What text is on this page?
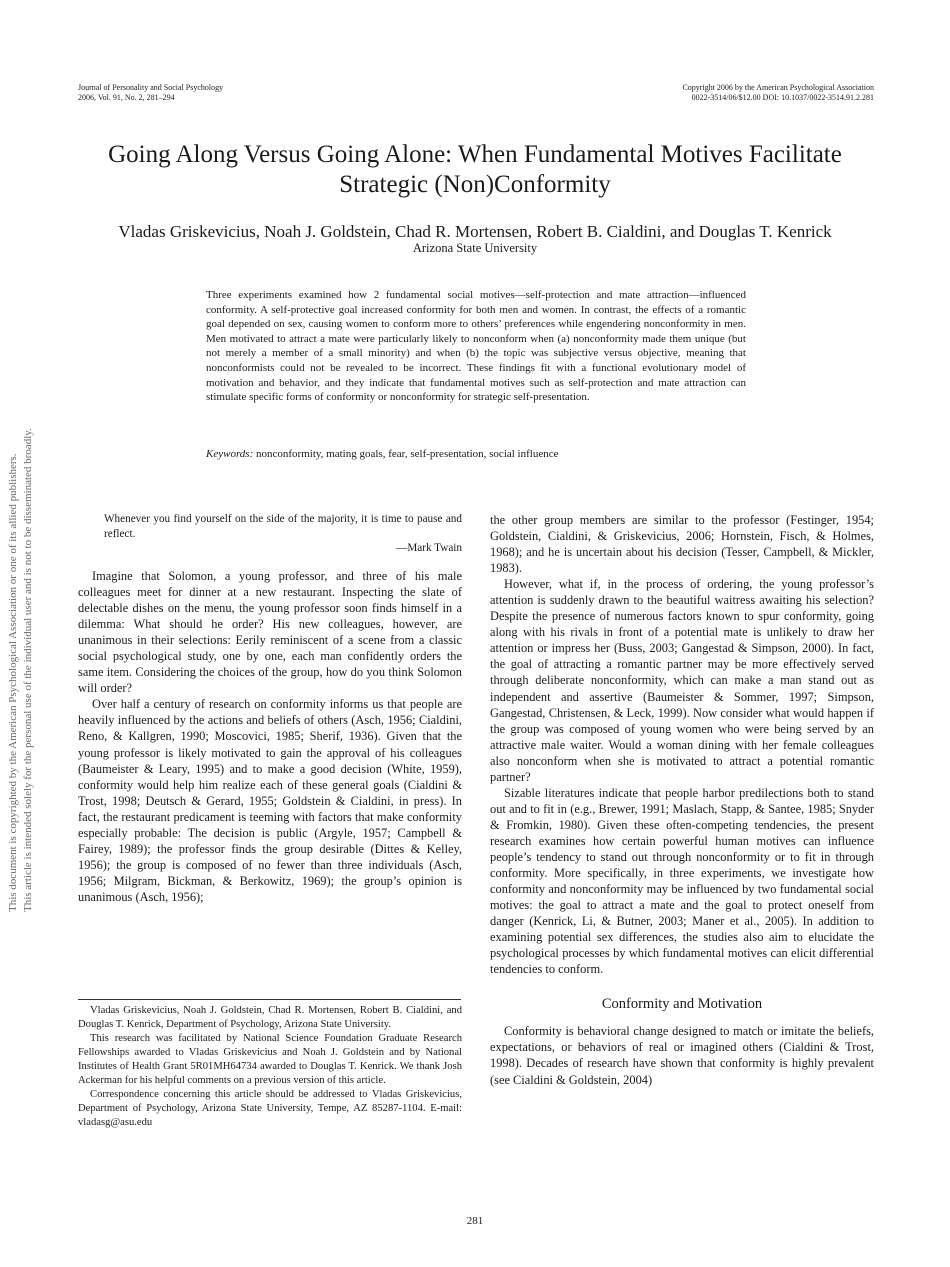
Journal of Personality and Social Psychology
2006, Vol. 91, No. 2, 281–294
Copyright 2006 by the American Psychological Association
0022-3514/06/$12.00 DOI: 10.1037/0022-3514.91.2.281
Going Along Versus Going Alone: When Fundamental Motives Facilitate
Strategic (Non)Conformity
Vladas Griskevicius, Noah J. Goldstein, Chad R. Mortensen, Robert B. Cialdini, and Douglas T. Kenrick
Arizona State University
Three experiments examined how 2 fundamental social motives—self-protection and mate attraction—influenced conformity. A self-protective goal increased conformity for both men and women. In contrast, the effects of a romantic goal depended on sex, causing women to conform more to others’ preferences while engendering nonconformity in men. Men motivated to attract a mate were particularly likely to nonconform when (a) nonconformity made them unique (but not merely a member of a small minority) and when (b) the topic was subjective versus objective, meaning that nonconformists could not be revealed to be incorrect. These findings fit with a functional evolutionary model of motivation and behavior, and they indicate that fundamental motives such as self-protection and mate attraction can stimulate specific forms of conformity or nonconformity for strategic self-presentation.
Keywords: nonconformity, mating goals, fear, self-presentation, social influence
This document is copyrighted by the American Psychological Association or one of its allied publishers. This article is intended solely for the personal use of the individual user and is not to be disseminated broadly.	Whenever you find yourself on the side of the majority, it is time to pause and reflect.
—Mark Twain

Imagine that Solomon, a young professor, and three of his male colleagues meet for dinner at a new restaurant. Inspecting the slate of delectable dishes on the menu, the young professor soon finds himself in a dilemma: What should he order? His new colleagues, however, are unanimous in their selections: Eerily reminiscent of a scene from a classic social psychological study, one by one, each man confidently orders the same item. Considering the choices of the group, how do you think Solomon will order?

Over half a century of research on conformity informs us that people are heavily influenced by the actions and beliefs of others (Asch, 1956; Cialdini, Reno, & Kallgren, 1990; Moscovici, 1985; Sherif, 1936). Given that the young professor is likely motivated to gain the approval of his colleagues (Baumeister & Leary, 1995) and to make a good decision (White, 1959), conformity would help him realize each of these general goals (Cialdini & Trost, 1998; Deutsch & Gerard, 1955; Goldstein & Cialdini, in press). In fact, the restaurant predicament is teeming with factors that make conformity especially probable: The decision is public (Argyle, 1957; Campbell & Fairey, 1989); the professor finds the group desirable (Dittes & Kelley, 1956); the group is composed of no fewer than three individuals (Asch, 1956; Milgram, Bickman, & Berkowitz, 1969); the group’s opinion is unanimous (Asch, 1956);

Vladas Griskevicius, Noah J. Goldstein, Chad R. Mortensen, Robert B. Cialdini, and Douglas T. Kenrick, Department of Psychology, Arizona State University.

This research was facilitated by National Science Foundation Graduate Research Fellowships awarded to Vladas Griskevicius and Noah J. Goldstein and by National Institutes of Health Grant 5R01MH64734 awarded to Douglas T. Kenrick. We thank Josh Ackerman for his helpful comments on a previous version of this article.

Correspondence concerning this article should be addressed to Vladas Griskevicius, Department of Psychology, Arizona State University, Tempe, AZ 85287-1104. E-mail: vladasg@asu.edu

the other group members are similar to the professor (Festinger, 1954; Goldstein, Cialdini, & Griskevicius, 2006; Hornstein, Fisch, & Holmes, 1968); and he is uncertain about his decision (Tesser, Campbell, & Mickler, 1983).

However, what if, in the process of ordering, the young professor’s attention is suddenly drawn to the beautiful waitress awaiting his selection? Despite the presence of numerous factors known to spur conformity, going along with his rivals in front of a potential mate is unlikely to draw her attention or impress her (Buss, 2003; Gangestad & Simpson, 2000). In fact, the goal of attracting a romantic partner may be more effectively served through deliberate nonconformity, which can make a man stand out as independent and assertive (Baumeister & Sommer, 1997; Simpson, Gangestad, Christensen, & Leck, 1999). Now consider what would happen if the group was composed of young women who were being served by an attractive male waiter. Would a woman dining with her female colleagues also nonconform when she is motivated to attract a potential romantic partner?

Sizable literatures indicate that people harbor predilections both to stand out and to fit in (e.g., Brewer, 1991; Maslach, Stapp, & Santee, 1985; Snyder & Fromkin, 1980). Given these often-competing tendencies, the present research examines how certain powerful human motives can influence people’s tendency to stand out through nonconformity or to fit in through conformity. More specifically, in three experiments, we investigate how conformity and nonconformity may be influenced by two fundamental social motives: the goal to attract a mate and the goal to protect oneself from danger (Kenrick, Li, & Butner, 2003; Maner et al., 2005). In addition to examining potential sex differences, the studies also aim to elucidate the psychological processes by which fundamental motives can elicit differential tendencies to conform.

Conformity and Motivation

Conformity is behavioral change designed to match or imitate the beliefs, expectations, or behaviors of real or imagined others (Cialdini & Trost, 1998). Decades of research have shown that conformity is highly prevalent (see Cialdini & Goldstein, 2004)

281
